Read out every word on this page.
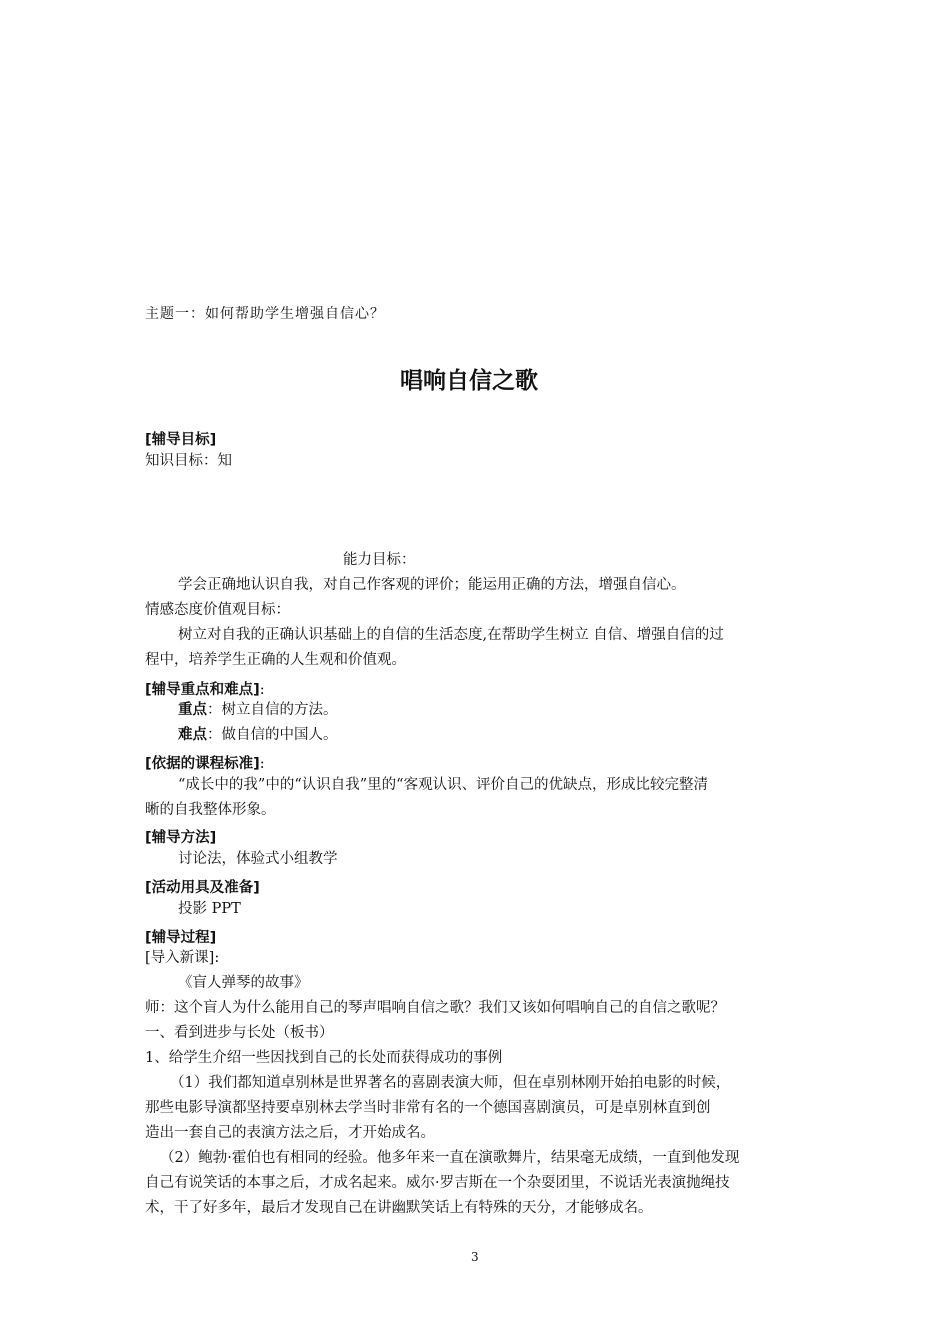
主题一：如何帮助学生增强自信心？
唱响自信之歌
[辅导目标]
知识目标：知
能力目标：
学会正确地认识自我，对自己作客观的评价；能运用正确的方法，增强自信心。
情感态度价值观目标：
树立对自我的正确认识基础上的自信的生活态度,在帮助学生树立 自信、增强自信的过
程中，培养学生正确的人生观和价值观。
[辅导重点和难点]:
重点：树立自信的方法。
难点：做自信的中国人。
[依据的课程标准]:
“成长中的我”中的“认识自我”里的“客观认识、评价自己的优缺点，形成比较完整清
晰的自我整体形象。
[辅导方法]
讨论法，体验式小组教学
[活动用具及准备]
投影 PPT
[辅导过程]
[导入新课]:
《盲人弹琴的故事》
师：这个盲人为什么能用自己的琴声唱响自信之歌？我们又该如何唱响自己的自信之歌呢？
一、看到进步与长处（板书）
1、给学生介绍一些因找到自己的长处而获得成功的事例
（1）我们都知道卓别林是世界著名的喜剧表演大师，但在卓别林刚开始拍电影的时候，
那些电影导演都坚持要卓别林去学当时非常有名的一个德国喜剧演员，可是卓别林直到创
造出一套自己的表演方法之后，才开始成名。
（2）鲍勃·霍伯也有相同的经验。他多年来一直在演歌舞片，结果毫无成绩，一直到他发现
自己有说笑话的本事之后，才成名起来。威尔·罗吉斯在一个杂耍团里，不说话光表演抛绳技
术，干了好多年，最后才发现自己在讲幽默笑话上有特殊的天分，才能够成名。
3
